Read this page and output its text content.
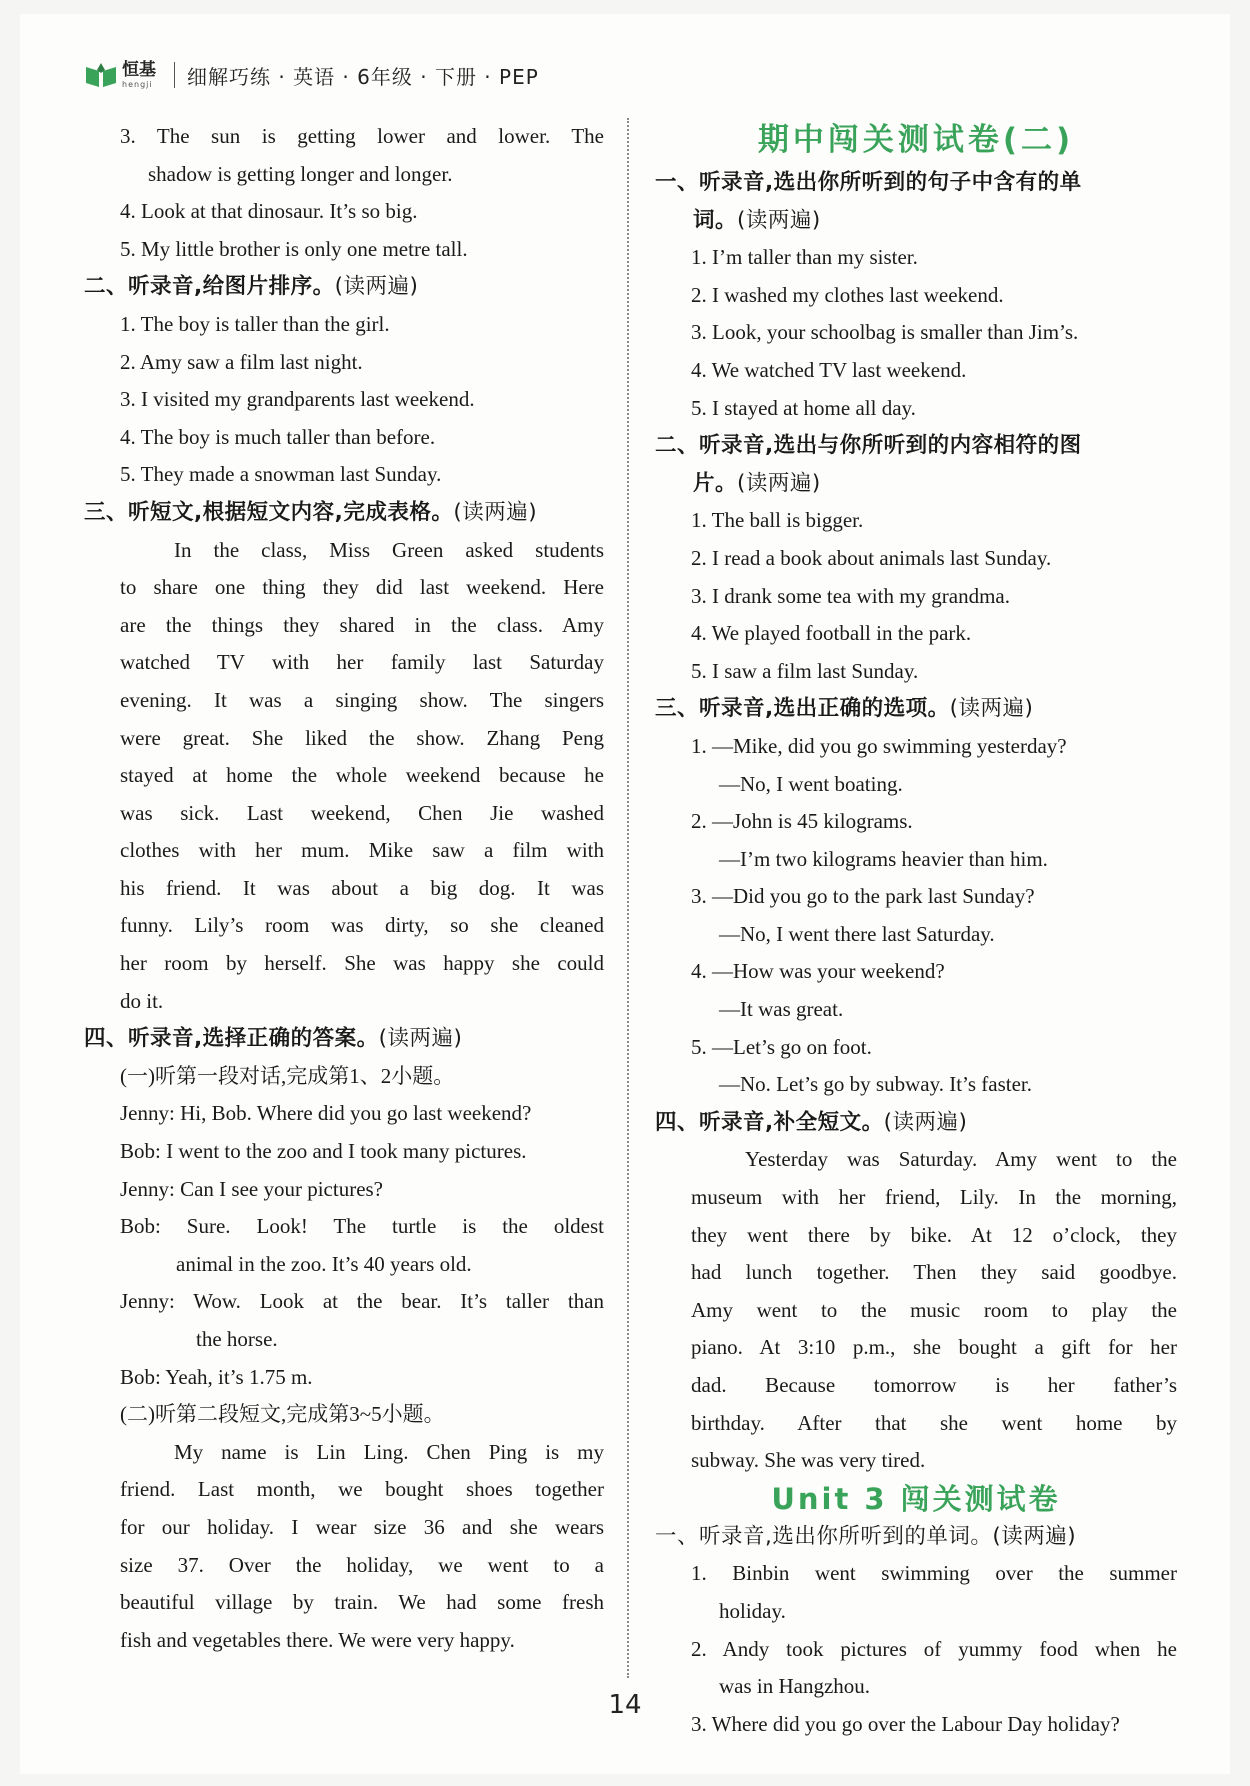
恒基
hengji 细解巧练 · 英语 · 6年级 · 下册 · PEP
3. The sun is getting lower and lower. The
shadow is getting longer and longer.
4. Look at that dinosaur. It’s so big.
5. My little brother is only one metre tall.
二、听录音,给图片排序。(读两遍)
1. The boy is taller than the girl.
2. Amy saw a film last night.
3. I visited my grandparents last weekend.
4. The boy is much taller than before.
5. They made a snowman last Sunday.
三、听短文,根据短文内容,完成表格。(读两遍)
In the class, Miss Green asked students
to share one thing they did last weekend. Here
are the things they shared in the class. Amy
watched TV with her family last Saturday
evening. It was a singing show. The singers
were great. She liked the show. Zhang Peng
stayed at home the whole weekend because he
was sick. Last weekend, Chen Jie washed
clothes with her mum. Mike saw a film with
his friend. It was about a big dog. It was
funny. Lily’s room was dirty, so she cleaned
her room by herself. She was happy she could
do it.
四、听录音,选择正确的答案。(读两遍)
(一)听第一段对话,完成第1、2小题。
Jenny: Hi, Bob. Where did you go last weekend?
Bob: I went to the zoo and I took many pictures.
Jenny: Can I see your pictures?
Bob: Sure. Look! The turtle is the oldest
animal in the zoo. It’s 40 years old.
Jenny: Wow. Look at the bear. It’s taller than
the horse.
Bob: Yeah, it’s 1.75 m.
(二)听第二段短文,完成第3~5小题。
My name is Lin Ling. Chen Ping is my
friend. Last month, we bought shoes together
for our holiday. I wear size 36 and she wears
size 37. Over the holiday, we went to a
beautiful village by train. We had some fresh
fish and vegetables there. We were very happy.
期中闯关测试卷(二)
一、听录音,选出你所听到的句子中含有的单
词。(读两遍)
1. I’m taller than my sister.
2. I washed my clothes last weekend.
3. Look, your schoolbag is smaller than Jim’s.
4. We watched TV last weekend.
5. I stayed at home all day.
二、听录音,选出与你所听到的内容相符的图
片。(读两遍)
1. The ball is bigger.
2. I read a book about animals last Sunday.
3. I drank some tea with my grandma.
4. We played football in the park.
5. I saw a film last Sunday.
三、听录音,选出正确的选项。(读两遍)
1. —Mike, did you go swimming yesterday?
—No, I went boating.
2. —John is 45 kilograms.
—I’m two kilograms heavier than him.
3. —Did you go to the park last Sunday?
—No, I went there last Saturday.
4. —How was your weekend?
—It was great.
5. —Let’s go on foot.
—No. Let’s go by subway. It’s faster.
四、听录音,补全短文。(读两遍)
Yesterday was Saturday. Amy went to the
museum with her friend, Lily. In the morning,
they went there by bike. At 12 o’clock, they
had lunch together. Then they said goodbye.
Amy went to the music room to play the
piano. At 3:10 p.m., she bought a gift for her
dad. Because tomorrow is her father’s
birthday. After that she went home by
subway. She was very tired.
Unit 3 闯关测试卷
一、听录音,选出你所听到的单词。(读两遍)
1. Binbin went swimming over the summer
holiday.
2. Andy took pictures of yummy food when he
was in Hangzhou.
3. Where did you go over the Labour Day holiday?
14
